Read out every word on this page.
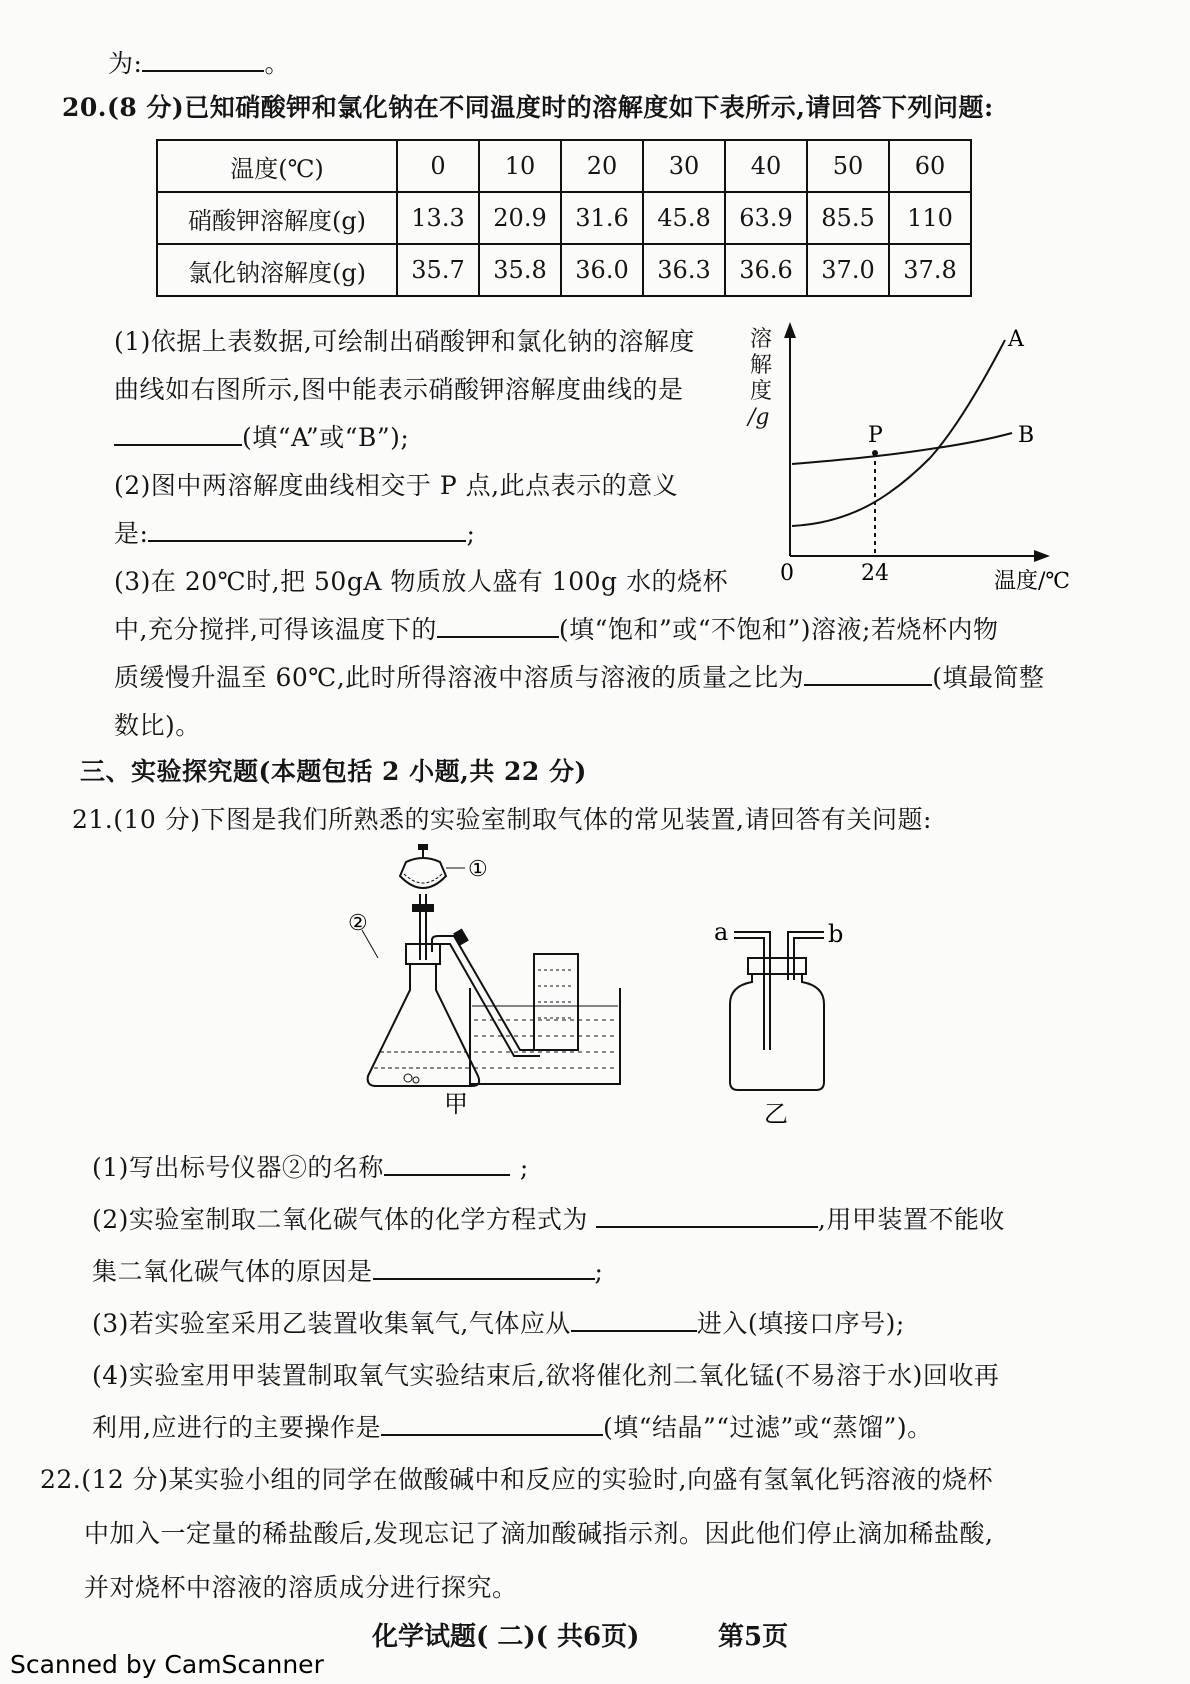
为:	。
20.(8 分)已知硝酸钾和氯化钠在不同温度时的溶解度如下表所示,请回答下列问题:
温度(℃)	0	10	20	30	40	50	60
硝酸钾溶解度(g)	13.3	20.9	31.6	45.8	63.9	85.5	110
氯化钠溶解度(g)	35.7	35.8	36.0	36.3	36.6	37.0	37.8
(1)依据上表数据,可绘制出硝酸钾和氯化钠的溶解度
曲线如右图所示,图中能表示硝酸钾溶解度曲线的是
(填“A”或“B”);
(2)图中两溶解度曲线相交于 P 点,此点表示的意义
是:	;
(3)在 20℃时,把 50gA 物质放人盛有 100g 水的烧杯
中,充分搅拌,可得该温度下的	(填“饱和”或“不饱和”)溶液;若烧杯内物
质缓慢升温至 60℃,此时所得溶液中溶质与溶液的质量之比为	(填最简整
数比)。
溶
解
度
/g
P
A
B
0	24	温度/℃
三、实验探究题(本题包括 2 小题,共 22 分)
21.(10 分)下图是我们所熟悉的实验室制取气体的常见装置,请回答有关问题:
①
②
甲
a	b
乙
(1)写出标号仪器②的名称	;
(2)实验室制取二氧化碳气体的化学方程式为	,用甲装置不能收
集二氧化碳气体的原因是	;
(3)若实验室采用乙装置收集氧气,气体应从	进入(填接口序号);
(4)实验室用甲装置制取氧气实验结束后,欲将催化剂二氧化锰(不易溶于水)回收再
利用,应进行的主要操作是	(填“结晶”“过滤”或“蒸馏”)。
22.(12 分)某实验小组的同学在做酸碱中和反应的实验时,向盛有氢氧化钙溶液的烧杯
中加入一定量的稀盐酸后,发现忘记了滴加酸碱指示剂。因此他们停止滴加稀盐酸,
并对烧杯中溶液的溶质成分进行探究。
化学试题( 二)( 共6页)	第5页
Scanned by CamScanner
